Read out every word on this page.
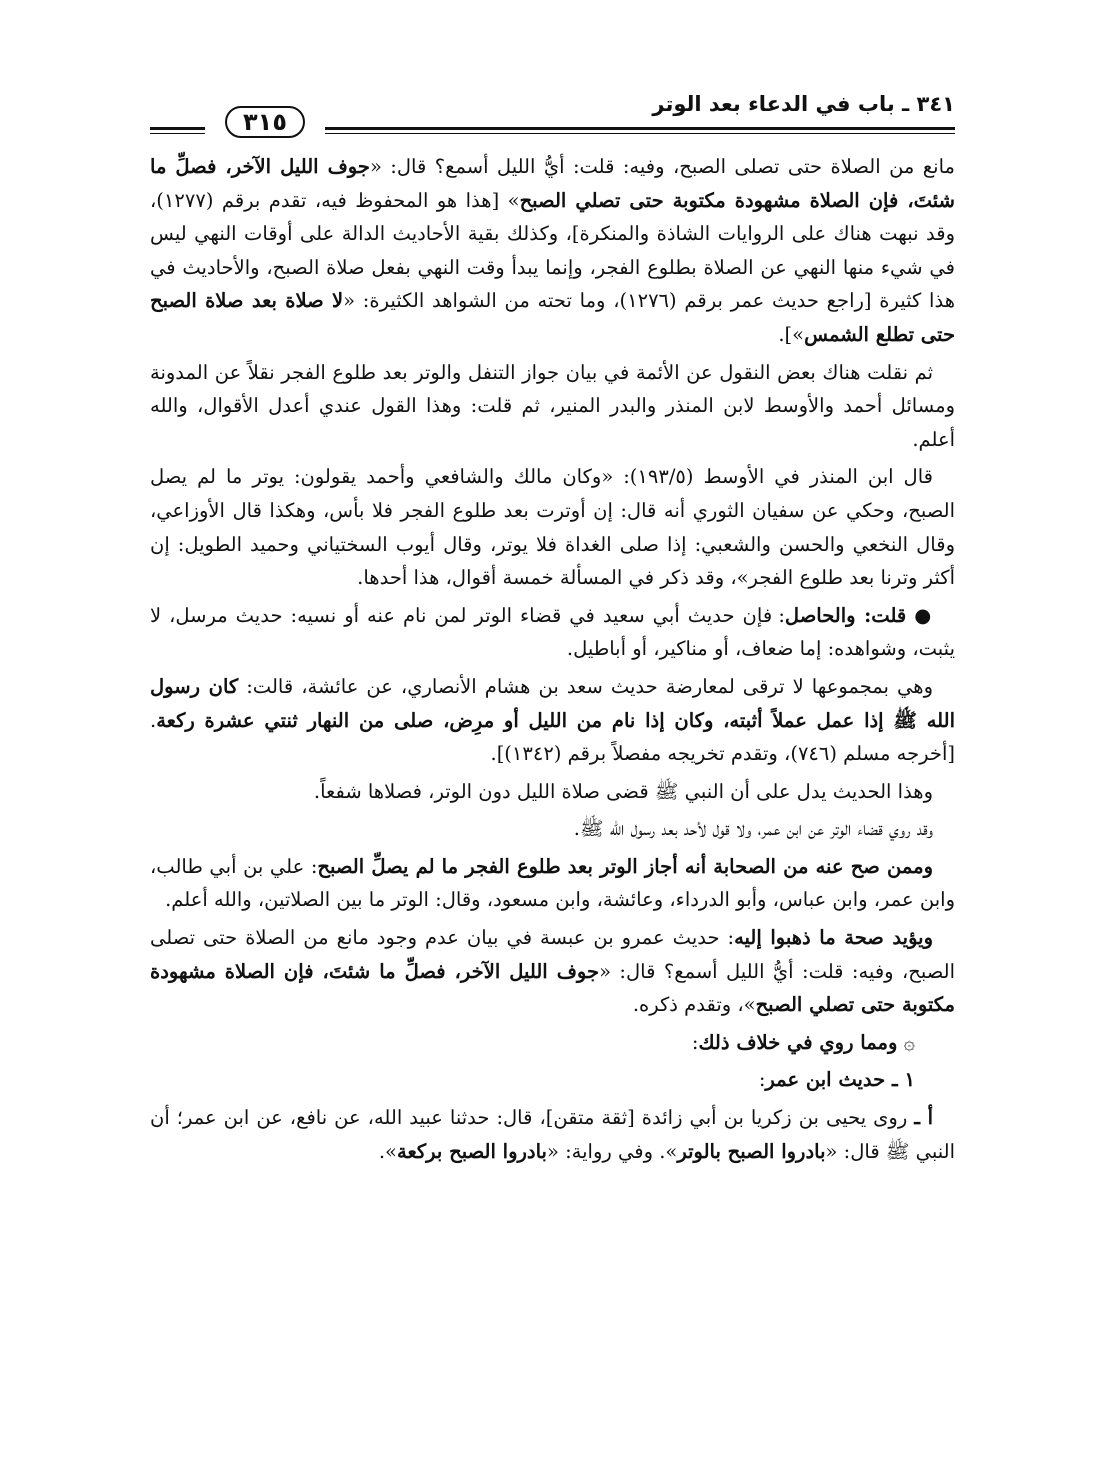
٣٤١ ـ باب في الدعاء بعد الوتر
٣١٥

مانع من الصلاة حتى تصلى الصبح، وفيه: قلت: أيُّ الليل أسمع؟ قال: «جوف الليل الآخر، فصلِّ ما شئتَ، فإن الصلاة مشهودة مكتوبة حتى تصلي الصبح» [هذا هو المحفوظ فيه، تقدم برقم (١٢٧٧)، وقد نبهت هناك على الروايات الشاذة والمنكرة]، وكذلك بقية الأحاديث الدالة على أوقات النهي ليس في شيء منها النهي عن الصلاة بطلوع الفجر، وإنما يبدأ وقت النهي بفعل صلاة الصبح، والأحاديث في هذا كثيرة [راجع حديث عمر برقم (١٢٧٦)، وما تحته من الشواهد الكثيرة: «لا صلاة بعد صلاة الصبح حتى تطلع الشمس»].

ثم نقلت هناك بعض النقول عن الأئمة في بيان جواز التنفل والوتر بعد طلوع الفجر نقلاً عن المدونة ومسائل أحمد والأوسط لابن المنذر والبدر المنير، ثم قلت: وهذا القول عندي أعدل الأقوال، والله أعلم.

قال ابن المنذر في الأوسط (١٩٣/٥): «وكان مالك والشافعي وأحمد يقولون: يوتر ما لم يصل الصبح، وحكي عن سفيان الثوري أنه قال: إن أوترت بعد طلوع الفجر فلا بأس، وهكذا قال الأوزاعي، وقال النخعي والحسن والشعبي: إذا صلى الغداة فلا يوتر، وقال أيوب السختياني وحميد الطويل: إن أكثر وترنا بعد طلوع الفجر»، وقد ذكر في المسألة خمسة أقوال، هذا أحدها.

● قلت: والحاصل: فإن حديث أبي سعيد في قضاء الوتر لمن نام عنه أو نسيه: حديث مرسل، لا يثبت، وشواهده: إما ضعاف، أو مناكير، أو أباطيل.

وهي بمجموعها لا ترقى لمعارضة حديث سعد بن هشام الأنصاري، عن عائشة، قالت: كان رسول الله ﷺ إذا عمل عملاً أثبته، وكان إذا نام من الليل أو مرِض، صلى من النهار ثنتي عشرة ركعة. [أخرجه مسلم (٧٤٦)، وتقدم تخريجه مفصلاً برقم (١٣٤٢)].

وهذا الحديث يدل على أن النبي ﷺ قضى صلاة الليل دون الوتر، فصلاها شفعاً.

وقد روي قضاء الوتر عن ابن عمر، ولا قول لأحد بعد رسول الله ﷺ.

وممن صح عنه من الصحابة أنه أجاز الوتر بعد طلوع الفجر ما لم يصلِّ الصبح: علي بن أبي طالب، وابن عمر، وابن عباس، وأبو الدرداء، وعائشة، وابن مسعود، وقال: الوتر ما بين الصلاتين، والله أعلم.

ويؤيد صحة ما ذهبوا إليه: حديث عمرو بن عبسة في بيان عدم وجود مانع من الصلاة حتى تصلى الصبح، وفيه: قلت: أيُّ الليل أسمع؟ قال: «جوف الليل الآخر، فصلِّ ما شئتَ، فإن الصلاة مشهودة مكتوبة حتى تصلي الصبح»، وتقدم ذكره.

۞ ومما روي في خلاف ذلك:

١ ـ حديث ابن عمر:

أ ـ روى يحيى بن زكريا بن أبي زائدة [ثقة متقن]، قال: حدثنا عبيد الله، عن نافع، عن ابن عمر؛ أن النبي ﷺ قال: «بادروا الصبح بالوتر». وفي رواية: «بادروا الصبح بركعة».
